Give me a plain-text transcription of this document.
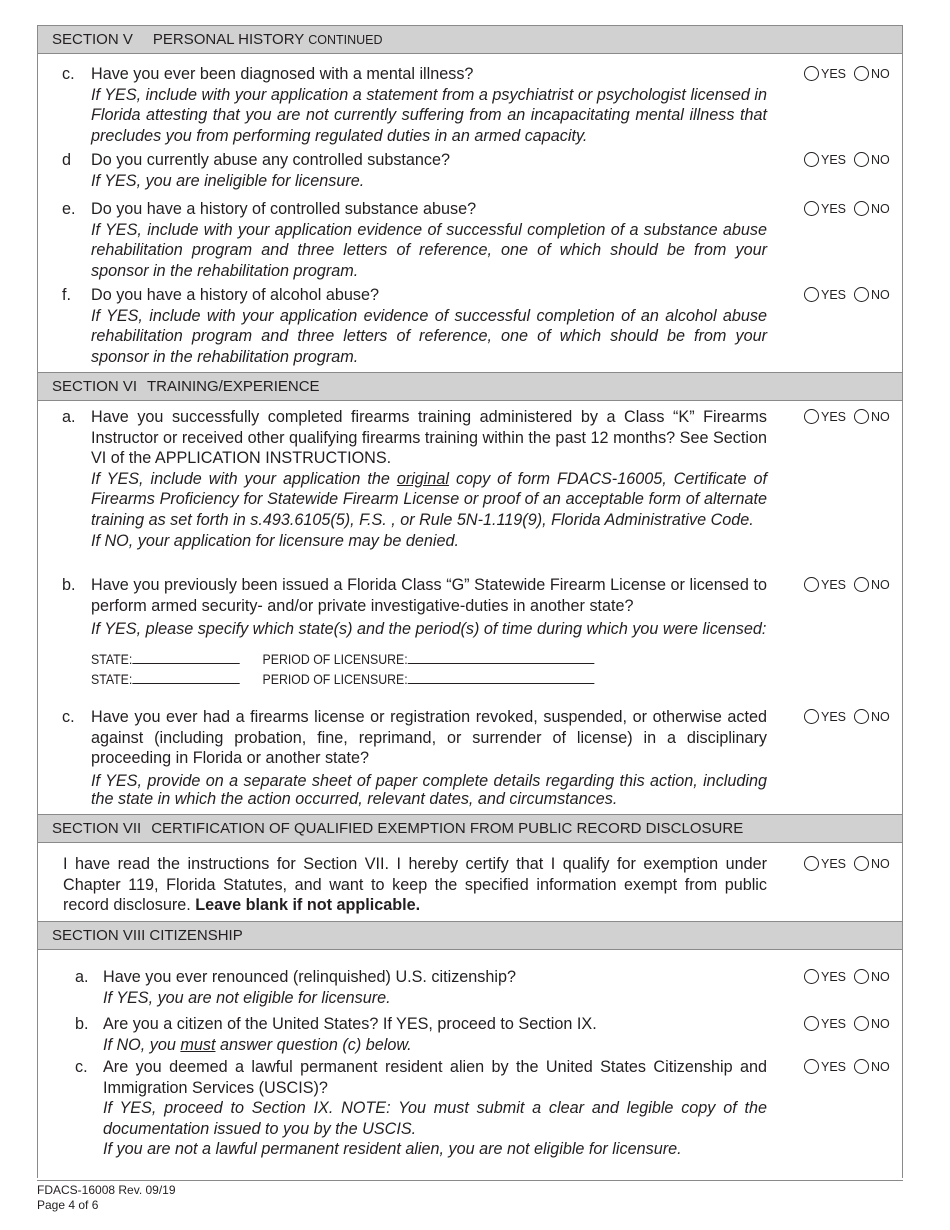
SECTION V PERSONAL HISTORY CONTINUED
c. Have you ever been diagnosed with a mental illness?

If YES, include with your application a statement from a psychiatrist or psychologist licensed in Florida attesting that you are not currently suffering from an incapacitating mental illness that precludes you from performing regulated duties in an armed capacity.

YES NO
d Do you currently abuse any controlled substance?

If YES, you are ineligible for licensure.

YES NO
e. Do you have a history of controlled substance abuse?

If YES, include with your application evidence of successful completion of a substance abuse rehabilitation program and three letters of reference, one of which should be from your sponsor in the rehabilitation program.

YES NO
f. Do you have a history of alcohol abuse?

If YES, include with your application evidence of successful completion of an alcohol abuse rehabilitation program and three letters of reference, one of which should be from your sponsor in the rehabilitation program.

YES NO
SECTION VI TRAINING/EXPERIENCE
a. Have you successfully completed firearms training administered by a Class “K” Firearms Instructor or received other qualifying firearms training within the past 12 months? See Section VI of the APPLICATION INSTRUCTIONS.

If YES, include with your application the original copy of form FDACS-16005, Certificate of Firearms Proficiency for Statewide Firearm License or proof of an acceptable form of alternate training as set forth in s.493.6105(5), F.S. , or Rule 5N-1.119(9), Florida Administrative Code.

If NO, your application for licensure may be denied.

YES NO
b. Have you previously been issued a Florida Class “G” Statewide Firearm License or licensed to perform armed security- and/or private investigative-duties in another state?

If YES, please specify which state(s) and the period(s) of time during which you were licensed:

STATE:	PERIOD OF LICENSURE:
STATE:	PERIOD OF LICENSURE:
YES NO
c. Have you ever had a firearms license or registration revoked, suspended, or otherwise acted against (including probation, fine, reprimand, or surrender of license) in a disciplinary proceeding in Florida or another state?

If YES, provide on a separate sheet of paper complete details regarding this action, including the state in which the action occurred, relevant dates, and circumstances.

YES NO
SECTION VII CERTIFICATION OF QUALIFIED EXEMPTION FROM PUBLIC RECORD DISCLOSURE

I have read the instructions for Section VII. I hereby certify that I qualify for exemption under Chapter 119, Florida Statutes, and want to keep the specified information exempt from public record disclosure. Leave blank if not applicable.

YES NO
SECTION VIII CITIZENSHIP
a. Have you ever renounced (relinquished) U.S. citizenship?

If YES, you are not eligible for licensure.

YES NO
b. Are you a citizen of the United States? If YES, proceed to Section IX.

If NO, you must answer question (c) below.

YES NO
c. Are you deemed a lawful permanent resident alien by the United States Citizenship and Immigration Services (USCIS)?

If YES, proceed to Section IX. NOTE: You must submit a clear and legible copy of the documentation issued to you by the USCIS.

If you are not a lawful permanent resident alien, you are not eligible for licensure.

YES NO
FDACS-16008 Rev. 09/19
Page 4 of 6
